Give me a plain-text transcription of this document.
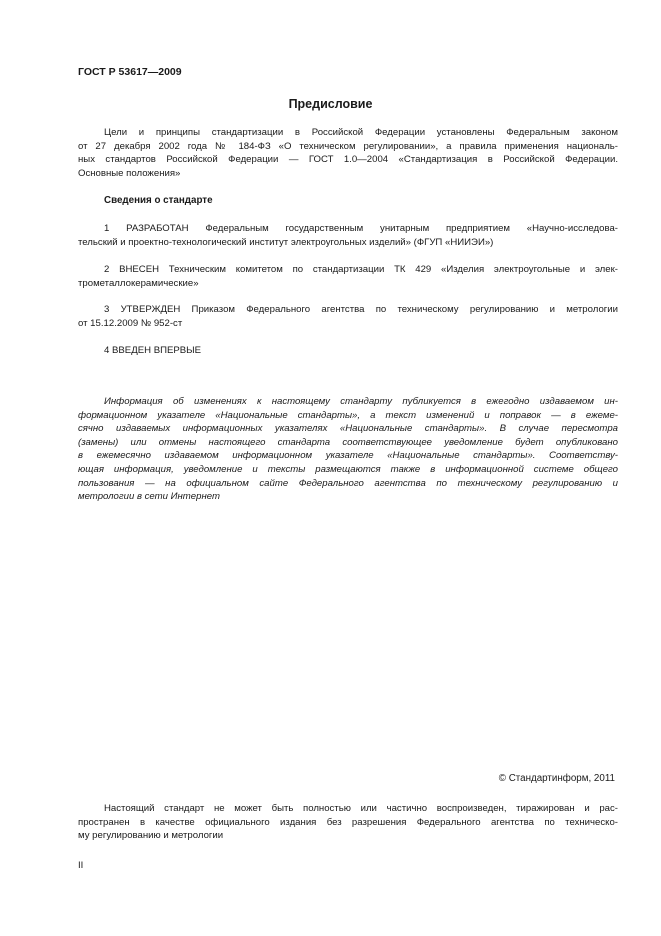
ГОСТ Р 53617—2009
Предисловие
Цели и принципы стандартизации в Российской Федерации установлены Федеральным законом
от 27 декабря 2002 года № 184-ФЗ «О техническом регулировании», а правила применения националь-
ных стандартов Российской Федерации — ГОСТ 1.0—2004 «Стандартизация в Российской Федерации.
Основные положения»
Сведения о стандарте
1 РАЗРАБОТАН Федеральным государственным унитарным предприятием «Научно-исследова-
тельский и проектно-технологический институт электроугольных изделий» (ФГУП «НИИЭИ»)
2 ВНЕСЕН Техническим комитетом по стандартизации ТК 429 «Изделия электроугольные и элек-
трометаллокерамические»
3 УТВЕРЖДЕН Приказом Федерального агентства по техническому регулированию и метрологии
от 15.12.2009 № 952-ст
4 ВВЕДЕН ВПЕРВЫЕ
Информация об изменениях к настоящему стандарту публикуется в ежегодно издаваемом ин-
формационном указателе «Национальные стандарты», а текст изменений и поправок — в ежеме-
сячно издаваемых информационных указателях «Национальные стандарты». В случае пересмотра
(замены) или отмены настоящего стандарта соответствующее уведомление будет опубликовано
в ежемесячно издаваемом информационном указателе «Национальные стандарты». Соответству-
ющая информация, уведомление и тексты размещаются также в информационной системе общего
пользования — на официальном сайте Федерального агентства по техническому регулированию и
метрологии в сети Интернет
© Стандартинформ, 2011
Настоящий стандарт не может быть полностью или частично воспроизведен, тиражирован и рас-
пространен в качестве официального издания без разрешения Федерального агентства по техническо-
му регулированию и метрологии
II
